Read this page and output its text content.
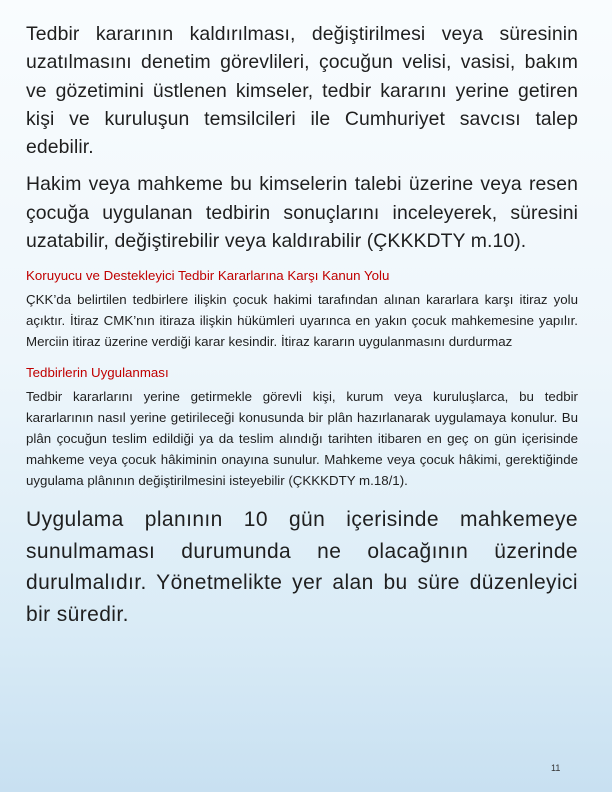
Tedbir kararının kaldırılması, değiştirilmesi veya süresinin uzatılmasını denetim görevlileri, çocuğun velisi, vasisi, bakım ve gözetimini üstlenen kimseler, tedbir kararını yerine getiren kişi ve kuruluşun temsilcileri ile Cumhuriyet savcısı talep edebilir.

Hakim veya mahkeme bu kimselerin talebi üzerine veya resen çocuğa uygulanan tedbirin sonuçlarını inceleyerek, süresini uzatabilir, değiştirebilir veya kaldırabilir (ÇKKKDTY m.10).

Koruyucu ve Destekleyici Tedbir Kararlarına Karşı Kanun Yolu

ÇKK’da belirtilen tedbirlere ilişkin çocuk hakimi tarafından alınan kararlara karşı itiraz yolu açıktır. İtiraz CMK’nın itiraza ilişkin hükümleri uyarınca en yakın çocuk mahkemesine yapılır. Merciin itiraz üzerine verdiği karar kesindir. İtiraz kararın uygulanmasını durdurmaz

Tedbirlerin Uygulanması

Tedbir kararlarını yerine getirmekle görevli kişi, kurum veya kuruluşlarca, bu tedbir kararlarının nasıl yerine getirileceği konusunda bir plân hazırlanarak uygulamaya konulur. Bu plân çocuğun teslim edildiği ya da teslim alındığı tarihten itibaren en geç on gün içerisinde mahkeme veya çocuk hâkiminin onayına sunulur. Mahkeme veya çocuk hâkimi, gerektiğinde uygulama plânının değiştirilmesini isteyebilir (ÇKKKDTY m.18/1).

Uygulama planının 10 gün içerisinde mahkemeye sunulmaması durumunda ne olacağının üzerinde durulmalıdır. Yönetmelikte yer alan bu süre düzenleyici bir süredir.

11
